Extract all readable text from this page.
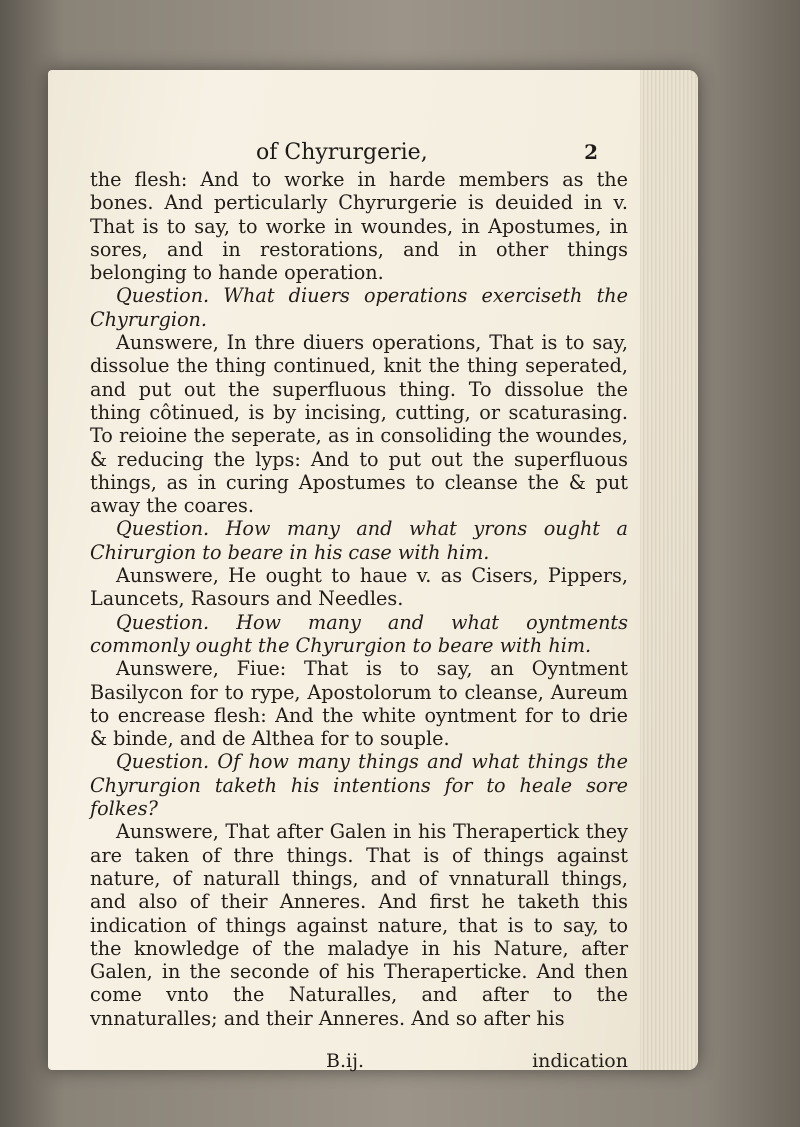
of Chyrurgerie,	2

the flesh: And to worke in harde members as the bones. And perticularly Chyrurgerie is deuided in v. That is to say, to worke in woundes, in Apostumes, in sores, and in restorations, and in other things belonging to hande operation.

Question. What diuers operations exerciseth the Chyrurgion.

Aunswere, In thre diuers operations, That is to say, dissolue the thing continued, knit the thing seperated, and put out the superfluous thing. To dissolue the thing côtinued, is by incising, cutting, or scaturasing. To reioine the seperate, as in consoliding the woundes, & reducing the lyps: And to put out the superfluous things, as in curing Apostumes to cleanse the & put away the coares.

Question. How many and what yrons ought a Chirurgion to beare in his case with him.

Aunswere, He ought to haue v. as Cisers, Pippers, Launcets, Rasours and Needles.

Question. How many and what oyntments commonly ought the Chyrurgion to beare with him.

Aunswere, Fiue: That is to say, an Oyntment Basilycon for to rype, Apostolorum to cleanse, Aureum to encrease flesh: And the white oyntment for to drie & binde, and de Althea for to souple.

Question. Of how many things and what things the Chyrurgion taketh his intentions for to heale sore folkes?

Aunswere, That after Galen in his Therapertick they are taken of thre things. That is of things against nature, of naturall things, and of vnnaturall things, and also of their Anneres. And first he taketh this indication of things against nature, that is to say, to the knowledge of the maladye in his Nature, after Galen, in the seconde of his Theraperticke. And then come vnto the Naturalles, and after to the vnnaturalles; and their Anneres. And so after his

B.ij.	indication
